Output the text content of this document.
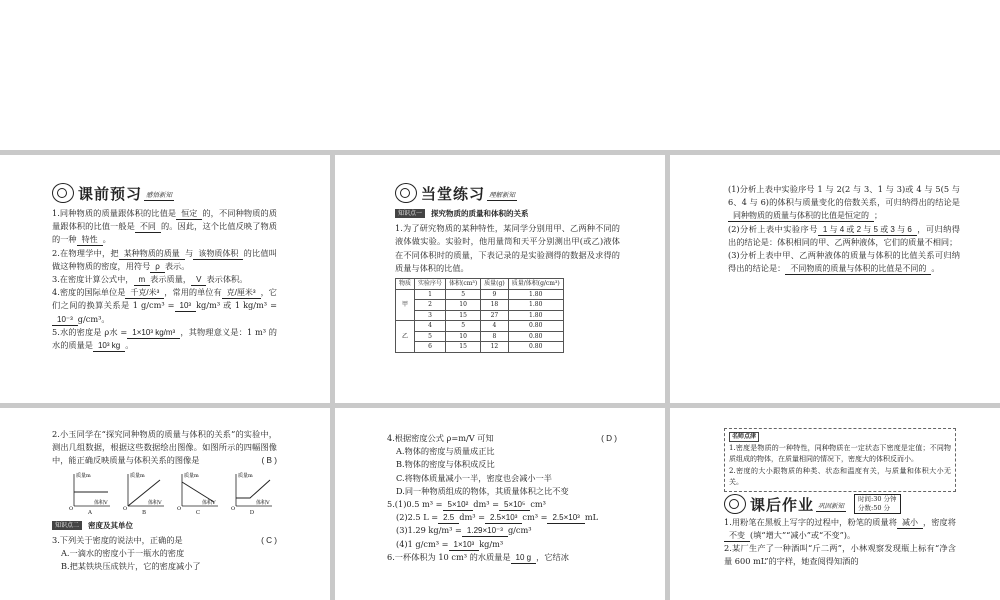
课前预习 感悟新知

1.同种物质的质量跟体积的比值是 恒定 的，不同种物质的质量跟体积的比值一般是 不同 的。因此，这个比值反映了物质的一种 特性 。

2.在物理学中，把 某种物质的质量 与 该物质体积 的比值叫做这种物质的密度，用符号 ρ 表示。

3.在密度计算公式中， m 表示质量， V 表示体积。

4.密度的国际单位是 千克/米³ ，常用的单位有 克/厘米³ ，它们之间的换算关系是 1 g/cm³ = 10³ kg/m³ 或 1 kg/m³ =10⁻³ g/cm³。

5.水的密度是 ρ水 = 1×10³ kg/m³ ，其物理意义是：1 m³ 的水的质量是 10³ kg 。

当堂练习 理解新知
知识点一	探究物质的质量和体积的关系

1.为了研究物质的某种特性，某同学分别用甲、乙两种不同的液体做实验。实验时，他用量筒和天平分别测出甲(或乙)液体在不同体积时的质量，下表记录的是实验测得的数据及求得的质量与体积的比值。

物质	实验序号	体积(cm³)	质量(g)	质量/体积(g/cm³)
甲	1	5	9	1.80
	2	10	18	1.80
	3	15	27	1.80
乙	4	5	4	0.80
	5	10	8	0.80
	6	15	12	0.80

(1)分析上表中实验序号 1 与 2(2 与 3、1 与 3)或 4 与 5(5 与 6、4 与 6)的体积与质量变化的倍数关系，可归纳得出的结论是同种物质的质量与体积的比值是恒定的 ；

(2)分析上表中实验序号 1 与 4 或 2 与 5 或 3 与 6 ，可归纳得出的结论是：体积相同的甲、乙两种液体，它们的质量不相同；

(3)分析上表中甲、乙两种液体的质量与体积的比值关系可归纳得出的结论是： 不同物质的质量与体积的比值是不同的 。

2.小玉同学在“探究同种物质的质量与体积的关系”的实验中，测出几组数据，根据这些数据绘出图像。如图所示的四幅图像中，能正确反映质量与体积关系的图像是	( B )

质量m
体积V
O
A
质量m
体积V
O
B
质量m
体积V
O
C
质量m
体积V
O
D
知识点二	密度及其单位

3.下列关于密度的说法中，正确的是	( C )

A.一滴水的密度小于一瓶水的密度

B.把某铁块压成铁片，它的密度减小了

4.根据密度公式 ρ=m/V 可知	( D )

A.物体的密度与质量成正比

B.物体的密度与体积成反比

C.将物体质量减小一半，密度也会减小一半

D.同一种物质组成的物体，其质量体积之比不变

5.(1)0.5 m³ = 5×10² dm³ = 5×10⁵ cm³

(2)2.5 L = 2.5 dm³ = 2.5×10³ cm³ = 2.5×10³ mL

(3)1.29 kg/m³ = 1.29×10⁻³ g/cm³

(4)1 g/cm³ = 1×10³ kg/m³

6.一杯体积为 10 cm³ 的水质量是 10 g ，它结冰

名师点津

1.密度是物质的一种特性，同种物质在一定状态下密度是定值；不同物质组成的物体，在质量相同的情况下，密度大的体积反而小。

2.密度的大小跟物质的种类、状态和温度有关，与质量和体积大小无关。

课后作业 巩固新知
时间:30 分钟
分数:50 分

1.用粉笔在黑板上写字的过程中，粉笔的质量将 减小 ，密度将不变 (填“增大”“减小”或“不变”)。

2.某厂生产了一种酒叫“斤二两”，小林观察发现瓶上标有“净含量 600 mL”的字样，她查阅得知酒的
